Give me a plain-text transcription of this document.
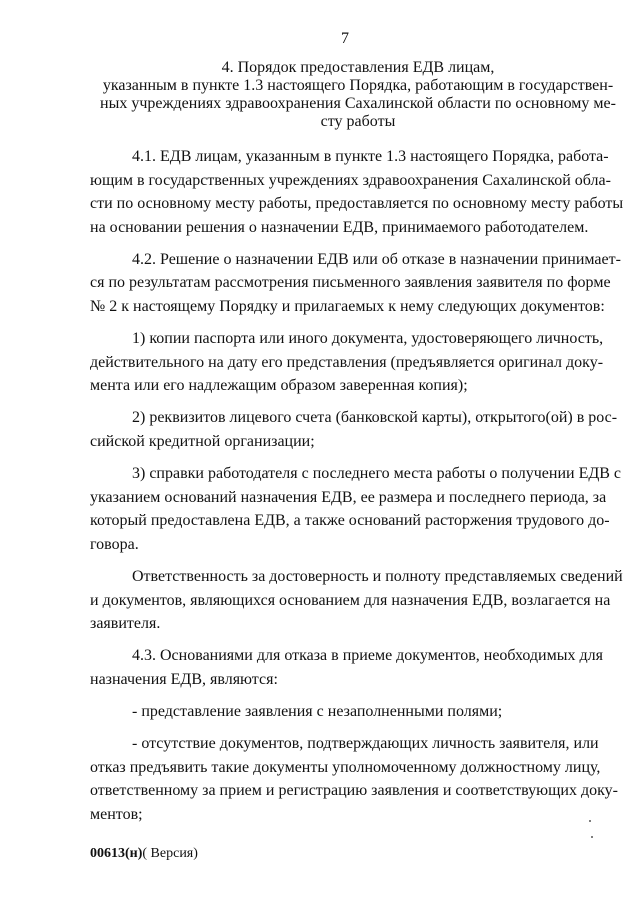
7
4. Порядок предоставления ЕДВ лицам,
указанным в пункте 1.3 настоящего Порядка, работающим в государствен-
ных учреждениях здравоохранения Сахалинской области по основному ме-
сту работы
4.1. ЕДВ лицам, указанным в пункте 1.3 настоящего Порядка, работа-
ющим в государственных учреждениях здравоохранения Сахалинской обла-
сти по основному месту работы, предоставляется по основному месту работы
на основании решения о назначении ЕДВ, принимаемого работодателем.
4.2. Решение о назначении ЕДВ или об отказе в назначении принимает-
ся по результатам рассмотрения письменного заявления заявителя по форме
№ 2 к настоящему Порядку и прилагаемых к нему следующих документов:
1) копии паспорта или иного документа, удостоверяющего личность,
действительного на дату его представления (предъявляется оригинал доку-
мента или его надлежащим образом заверенная копия);
2) реквизитов лицевого счета (банковской карты), открытого(ой) в рос-
сийской кредитной организации;
3) справки работодателя с последнего места работы о получении ЕДВ с
указанием оснований назначения ЕДВ, ее размера и последнего периода, за
который предоставлена ЕДВ, а также оснований расторжения трудового до-
говора.
Ответственность за достоверность и полноту представляемых сведений
и документов, являющихся основанием для назначения ЕДВ, возлагается на
заявителя.
4.3. Основаниями для отказа в приеме документов, необходимых для
назначения ЕДВ, являются:
- представление заявления с незаполненными полями;
- отсутствие документов, подтверждающих личность заявителя, или
отказ предъявить такие документы уполномоченному должностному лицу,
ответственному за прием и регистрацию заявления и соответствующих доку-
ментов;
00613(н)( Версия)
